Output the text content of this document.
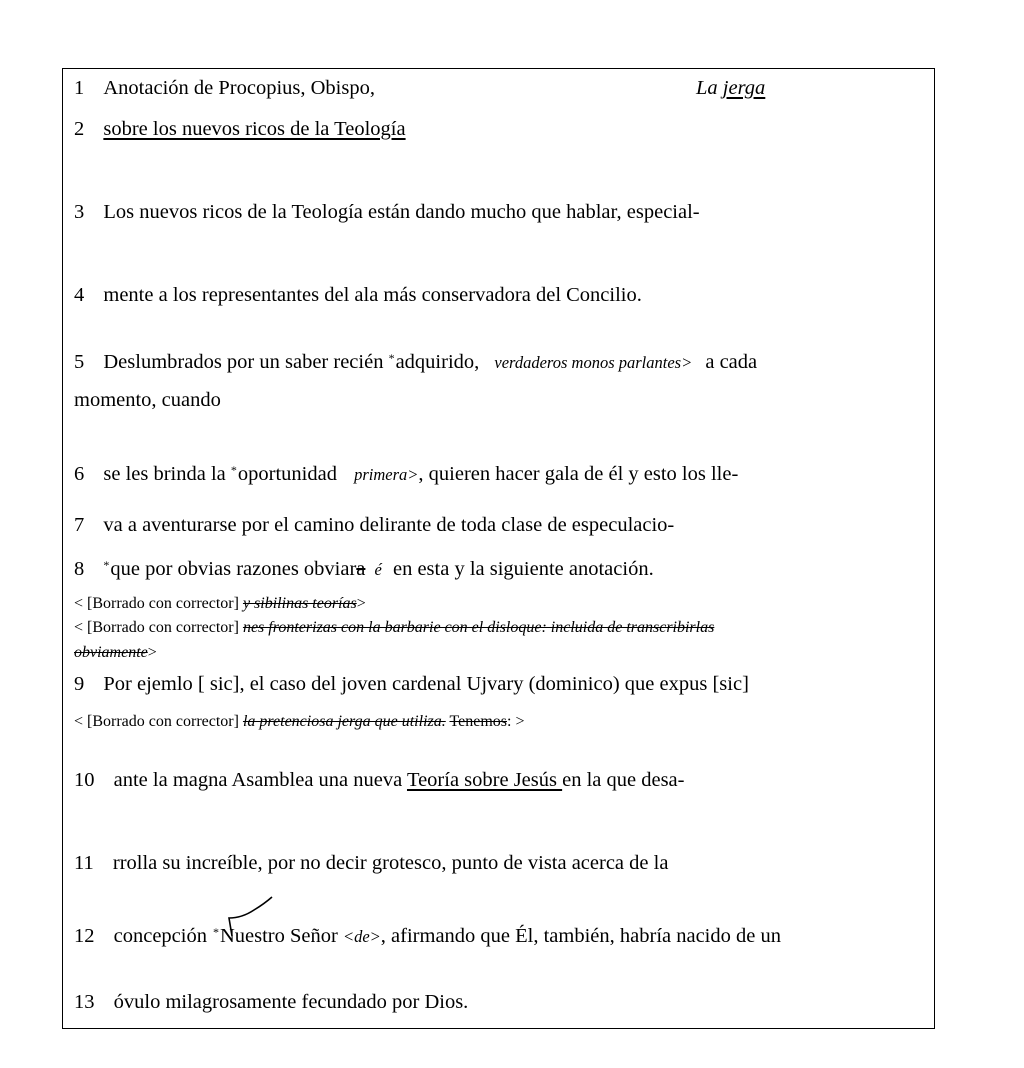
1 Anotación de Procopius, Obispo,	La jerga
2 sobre los nuevos ricos de la Teología
3 Los nuevos ricos de la Teología están dando mucho que hablar, especial-
4 mente a los representantes del ala más conservadora del Concilio.
5 Deslumbrados por un saber recién *adquirido, verdaderos monos parlantes> a cada
momento, cuando
6 se les brinda la *oportunidad primera>, quieren hacer gala de él y esto los lle-
7 va a aventurarse por el camino delirante de toda clase de especulacio-
8 *que por obvias razones obviara é en esta y la siguiente anotación.
< [Borrado con corrector] y sibilinas teorías>
< [Borrado con corrector] nes fronterizas con la barbarie con el disloque: incluida de transcribirlas
obviamente>
9 Por ejemlo [ sic], el caso del joven cardenal Ujvary (dominico) que expus [sic]
< [Borrado con corrector] la pretenciosa jerga que utiliza. Tenemos: >
10 ante la magna Asamblea una nueva Teoría sobre Jesús en la que desa-
11 rrolla su increíble, por no decir grotesco, punto de vista acerca de la
12 concepción *Nuestro Señor <de>, afirmando que Él, también, habría nacido de un
13 óvulo milagrosamente fecundado por Dios.
